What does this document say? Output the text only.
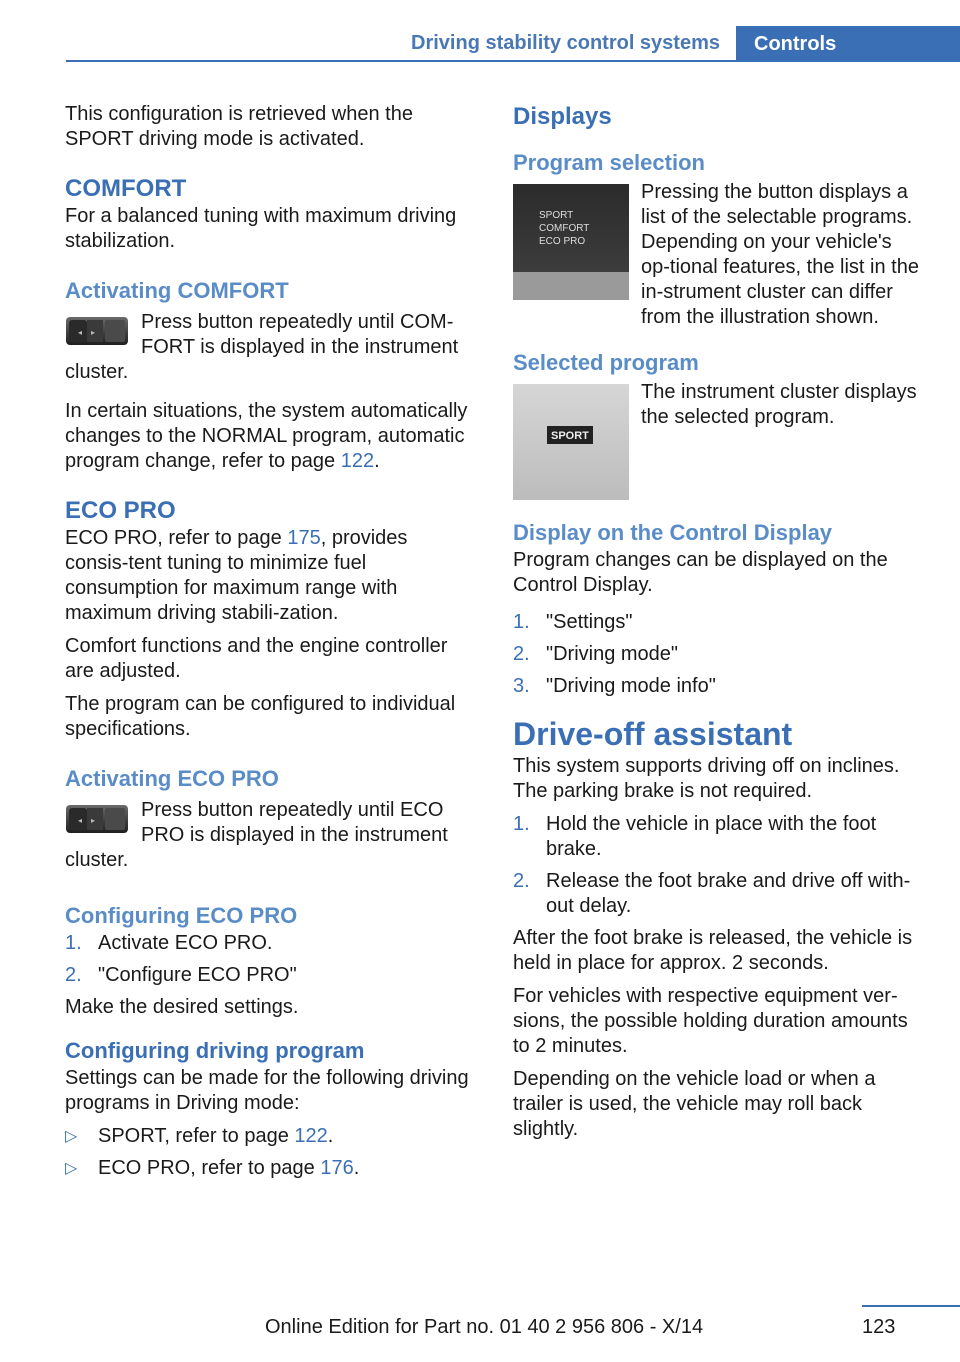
Driving stability control systems	Controls

This configuration is retrieved when the SPORT driving mode is activated.

COMFORT

For a balanced tuning with maximum driving stabilization.

Activating COMFORT
◂ ▸	Press button repeatedly until COM-FORT is displayed in the instrument cluster.

In certain situations, the system automatically changes to the NORMAL program, automatic program change, refer to page 122.

ECO PRO

ECO PRO, refer to page 175, provides consis-tent tuning to minimize fuel consumption for maximum range with maximum driving stabili-zation.

Comfort functions and the engine controller are adjusted.

The program can be configured to individual specifications.

Activating ECO PRO
◂ ▸	Press button repeatedly until ECO PRO is displayed in the instrument cluster.

Configuring ECO PRO
1. Activate ECO PRO.
2. "Configure ECO PRO"

Make the desired settings.

Configuring driving program

Settings can be made for the following driving programs in Driving mode:

▷ SPORT, refer to page 122.
▷ ECO PRO, refer to page 176.
Displays
Program selection
SPORT
COMFORT
ECO PRO

Pressing the button displays a list of the selectable programs. Depending on your vehicle's op-tional features, the list in the in-strument cluster can differ from the illustration shown.

Selected program
SPORT

The instrument cluster displays the selected program.

Display on the Control Display

Program changes can be displayed on the Control Display.

1. "Settings"
2. "Driving mode"
3. "Driving mode info"
Drive-off assistant

This system supports driving off on inclines. The parking brake is not required.

1. Hold the vehicle in place with the foot brake.
2. Release the foot brake and drive off with-out delay.

After the foot brake is released, the vehicle is held in place for approx. 2 seconds.

For vehicles with respective equipment ver-sions, the possible holding duration amounts to 2 minutes.

Depending on the vehicle load or when a trailer is used, the vehicle may roll back slightly.

Online Edition for Part no. 01 40 2 956 806 - X/14	123
